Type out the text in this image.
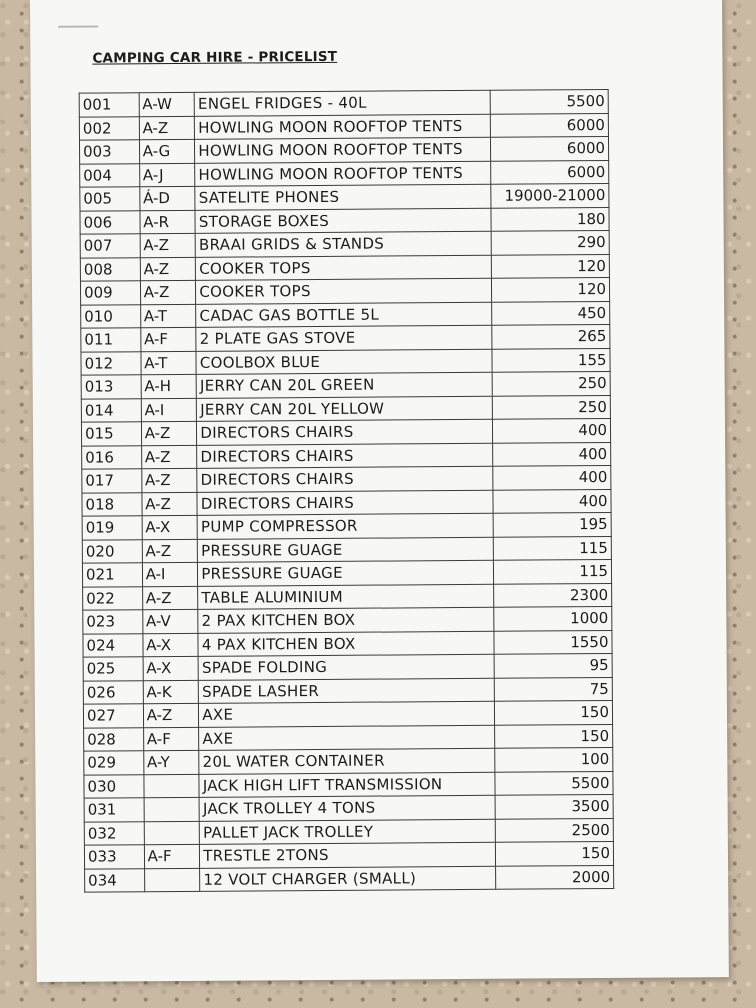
CAMPING CAR HIRE - PRICELIST
001	A-W	ENGEL FRIDGES - 40L	5500
002	A-Z	HOWLING MOON ROOFTOP TENTS	6000
003	A-G	HOWLING MOON ROOFTOP TENTS	6000
004	A-J	HOWLING MOON ROOFTOP TENTS	6000
005	Á-D	SATELITE PHONES	19000-21000
006	A-R	STORAGE BOXES	180
007	A-Z	BRAAI GRIDS & STANDS	290
008	A-Z	COOKER TOPS	120
009	A-Z	COOKER TOPS	120
010	A-T	CADAC GAS BOTTLE 5L	450
011	A-F	2 PLATE GAS STOVE	265
012	A-T	COOLBOX BLUE	155
013	A-H	JERRY CAN 20L GREEN	250
014	A-I	JERRY CAN 20L YELLOW	250
015	A-Z	DIRECTORS CHAIRS	400
016	A-Z	DIRECTORS CHAIRS	400
017	A-Z	DIRECTORS CHAIRS	400
018	A-Z	DIRECTORS CHAIRS	400
019	A-X	PUMP COMPRESSOR	195
020	A-Z	PRESSURE GUAGE	115
021	A-I	PRESSURE GUAGE	115
022	A-Z	TABLE ALUMINIUM	2300
023	A-V	2 PAX KITCHEN BOX	1000
024	A-X	4 PAX KITCHEN BOX	1550
025	A-X	SPADE FOLDING	95
026	A-K	SPADE LASHER	75
027	A-Z	AXE	150
028	A-F	AXE	150
029	A-Y	20L WATER CONTAINER	100
030		JACK HIGH LIFT TRANSMISSION	5500
031		JACK TROLLEY 4 TONS	3500
032		PALLET JACK TROLLEY	2500
033	A-F	TRESTLE 2TONS	150
034		12 VOLT CHARGER (SMALL)	2000
